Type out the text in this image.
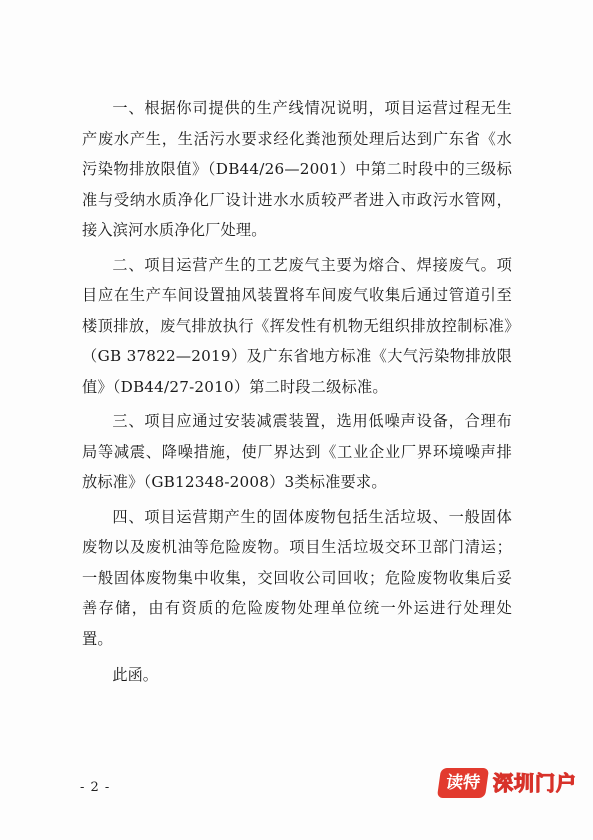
一、根据你司提供的生产线情况说明，项目运营过程无生产废水产生，生活污水要求经化粪池预处理后达到广东省《水污染物排放限值》（DB44/26—2001）中第二时段中的三级标准与受纳水质净化厂设计进水水质较严者进入市政污水管网，接入滨河水质净化厂处理。

二、项目运营产生的工艺废气主要为熔合、焊接废气。项目应在生产车间设置抽风装置将车间废气收集后通过管道引至楼顶排放，废气排放执行《挥发性有机物无组织排放控制标准》（GB 37822—2019）及广东省地方标准《大气污染物排放限值》（DB44/27-2010）第二时段二级标准。

三、项目应通过安装减震装置，选用低噪声设备，合理布局等减震、降噪措施，使厂界达到《工业企业厂界环境噪声排放标准》（GB12348-2008）3类标准要求。

四、项目运营期产生的固体废物包括生活垃圾、一般固体废物以及废机油等危险废物。项目生活垃圾交环卫部门清运；一般固体废物集中收集，交回收公司回收；危险废物收集后妥善存储，由有资质的危险废物处理单位统一外运进行处理处置。

此函。

- 2 -	读特 深圳门户
